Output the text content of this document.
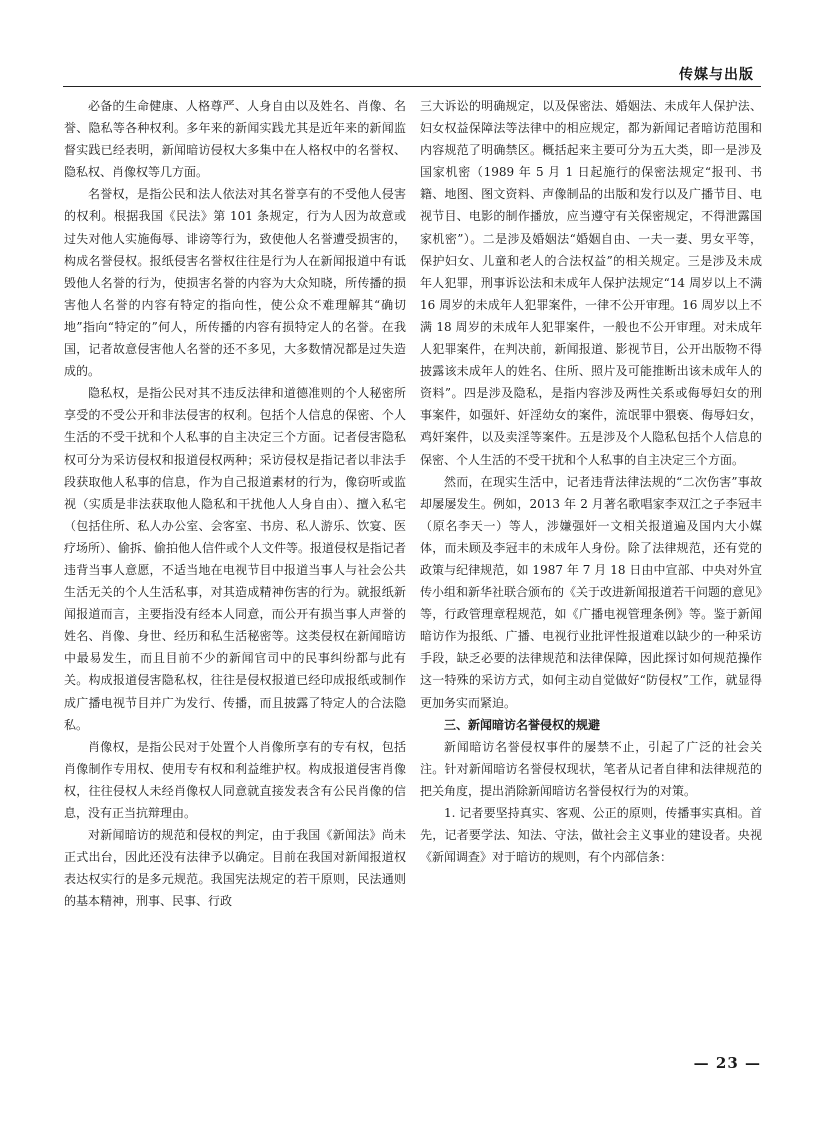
传媒与出版

必备的生命健康、人格尊严、人身自由以及姓名、肖像、名誉、隐私等各种权利。多年来的新闻实践尤其是近年来的新闻监督实践已经表明，新闻暗访侵权大多集中在人格权中的名誉权、隐私权、肖像权等几方面。

名誉权，是指公民和法人依法对其名誉享有的不受他人侵害的权利。根据我国《民法》第 101 条规定，行为人因为故意或过失对他人实施侮辱、诽谤等行为，致使他人名誉遭受损害的，构成名誉侵权。报纸侵害名誉权往往是行为人在新闻报道中有诋毁他人名誉的行为，使损害名誉的内容为大众知晓，所传播的损害他人名誉的内容有特定的指向性，使公众不难理解其“确切地”指向“特定的”何人，所传播的内容有损特定人的名誉。在我国，记者故意侵害他人名誉的还不多见，大多数情况都是过失造成的。

隐私权，是指公民对其不违反法律和道德准则的个人秘密所享受的不受公开和非法侵害的权利。包括个人信息的保密、个人生活的不受干扰和个人私事的自主决定三个方面。记者侵害隐私权可分为采访侵权和报道侵权两种；采访侵权是指记者以非法手段获取他人私事的信息，作为自己报道素材的行为，像窃听或监视（实质是非法获取他人隐私和干扰他人人身自由）、擅入私宅（包括住所、私人办公室、会客室、书房、私人游乐、饮宴、医疗场所）、偷拆、偷拍他人信件或个人文件等。报道侵权是指记者违背当事人意愿，不适当地在电视节目中报道当事人与社会公共生活无关的个人生活私事，对其造成精神伤害的行为。就报纸新闻报道而言，主要指没有经本人同意，而公开有损当事人声誉的姓名、肖像、身世、经历和私生活秘密等。这类侵权在新闻暗访中最易发生，而且目前不少的新闻官司中的民事纠纷都与此有关。构成报道侵害隐私权，往往是侵权报道已经印成报纸或制作成广播电视节目并广为发行、传播，而且披露了特定人的合法隐私。

肖像权，是指公民对于处置个人肖像所享有的专有权，包括肖像制作专用权、使用专有权和利益维护权。构成报道侵害肖像权，往往侵权人未经肖像权人同意就直接发表含有公民肖像的信息，没有正当抗辩理由。

对新闻暗访的规范和侵权的判定，由于我国《新闻法》尚未正式出台，因此还没有法律予以确定。目前在我国对新闻报道权表达权实行的是多元规范。我国宪法规定的若干原则，民法通则的基本精神，刑事、民事、行政

三大诉讼的明确规定，以及保密法、婚姻法、未成年人保护法、妇女权益保障法等法律中的相应规定，都为新闻记者暗访范围和内容规范了明确禁区。概括起来主要可分为五大类，即一是涉及国家机密（1989 年 5 月 1 日起施行的保密法规定“报刊、书籍、地图、图文资料、声像制品的出版和发行以及广播节目、电视节目、电影的制作播放，应当遵守有关保密规定，不得泄露国家机密”）。二是涉及婚姻法“婚姻自由、一夫一妻、男女平等，保护妇女、儿童和老人的合法权益”的相关规定。三是涉及未成年人犯罪，刑事诉讼法和未成年人保护法规定“14 周岁以上不满 16 周岁的未成年人犯罪案件，一律不公开审理。16 周岁以上不满 18 周岁的未成年人犯罪案件，一般也不公开审理。对未成年人犯罪案件，在判决前，新闻报道、影视节目，公开出版物不得披露该未成年人的姓名、住所、照片及可能推断出该未成年人的资料”。四是涉及隐私，是指内容涉及两性关系或侮辱妇女的刑事案件，如强奸、奸淫幼女的案件，流氓罪中猥亵、侮辱妇女，鸡奸案件，以及卖淫等案件。五是涉及个人隐私包括个人信息的保密、个人生活的不受干扰和个人私事的自主决定三个方面。

然而，在现实生活中，记者违背法律法规的“二次伤害”事故却屡屡发生。例如，2013 年 2 月著名歌唱家李双江之子李冠丰（原名李天一）等人，涉嫌强奸一文相关报道遍及国内大小媒体，而未顾及李冠丰的未成年人身份。除了法律规范，还有党的政策与纪律规范，如 1987 年 7 月 18 日由中宣部、中央对外宣传小组和新华社联合颁布的《关于改进新闻报道若干问题的意见》等，行政管理章程规范，如《广播电视管理条例》等。鉴于新闻暗访作为报纸、广播、电视行业批评性报道难以缺少的一种采访手段，缺乏必要的法律规范和法律保障，因此探讨如何规范操作这一特殊的采访方式，如何主动自觉做好“防侵权”工作，就显得更加务实而紧迫。

三、新闻暗访名誉侵权的规避

新闻暗访名誉侵权事件的屡禁不止，引起了广泛的社会关注。针对新闻暗访名誉侵权现状，笔者从记者自律和法律规范的把关角度，提出消除新闻暗访名誉侵权行为的对策。

1. 记者要坚持真实、客观、公正的原则，传播事实真相。首先，记者要学法、知法、守法，做社会主义事业的建设者。央视《新闻调查》对于暗访的规则，有个内部信条：

— 23 —
